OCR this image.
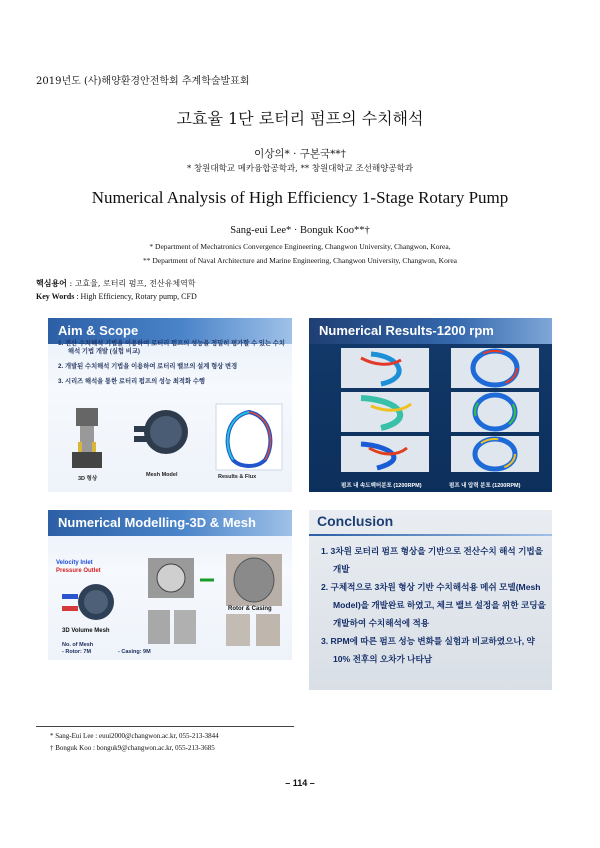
2019년도 (사)해양환경안전학회 추계학술발표회
고효율 1단 로터리 펌프의 수치해석
이상의* · 구본국**†
* 창원대학교 메카융합공학과, ** 창원대학교 조선해양공학과
Numerical Analysis of High Efficiency 1-Stage Rotary Pump
Sang-eui Lee* · Bonguk Koo**†
* Department of Mechatronics Convergence Engineering, Changwon University, Changwon, Korea,
** Department of Naval Architecture and Marine Engineering, Changwon University, Changwon, Korea
핵심용어 : 고효율, 로터리 펌프, 전산유체역학
Key Words : High Efficiency, Rotary pump, CFD
Aim & Scope
1. 전산 수치해석 기법을 이용하여 로터리 펌프의 성능을 정밀히 평가할 수 있는 수치해석 기법 개발 (실험 비교)
2. 개발된 수치해석 기법을 이용하여 로터리 밸브의 설계 형상 변경
3. 시리즈 해석을 통한 로터리 펌프의 성능 최적화 수행
3D 형상
Mesh Model	Results & Flux
Numerical Results-1200 rpm
펌프 내 속도벡터분포 (1200RPM)	펌프 내 압력 분포 (1200RPM)
Numerical Modelling-3D & Mesh
Velocity Inlet
Pressure Outlet
3D Volume Mesh
Rotor & Casing
No. of Mesh
- Rotor: 7M	- Casing: 9M
Conclusion
1. 3차원 로터리 펌프 형상을 기반으로 전산수치 해석 기법을 개발
2. 구체적으로 3차원 형상 기반 수치해석용 메쉬 모델(Mesh Model)을 개발완료 하였고, 체크 밸브 설정을 위한 코딩을 개발하여 수치해석에 적용
3. RPM에 따른 펌프 성능 변화를 실험과 비교하였으나, 약 10% 전후의 오차가 나타남
* Sang-Eui Lee : euui2000@changwon.ac.kr, 055-213-3844
† Bonguk Koo : bonguk9@changwon.ac.kr, 055-213-3685
– 114 –
